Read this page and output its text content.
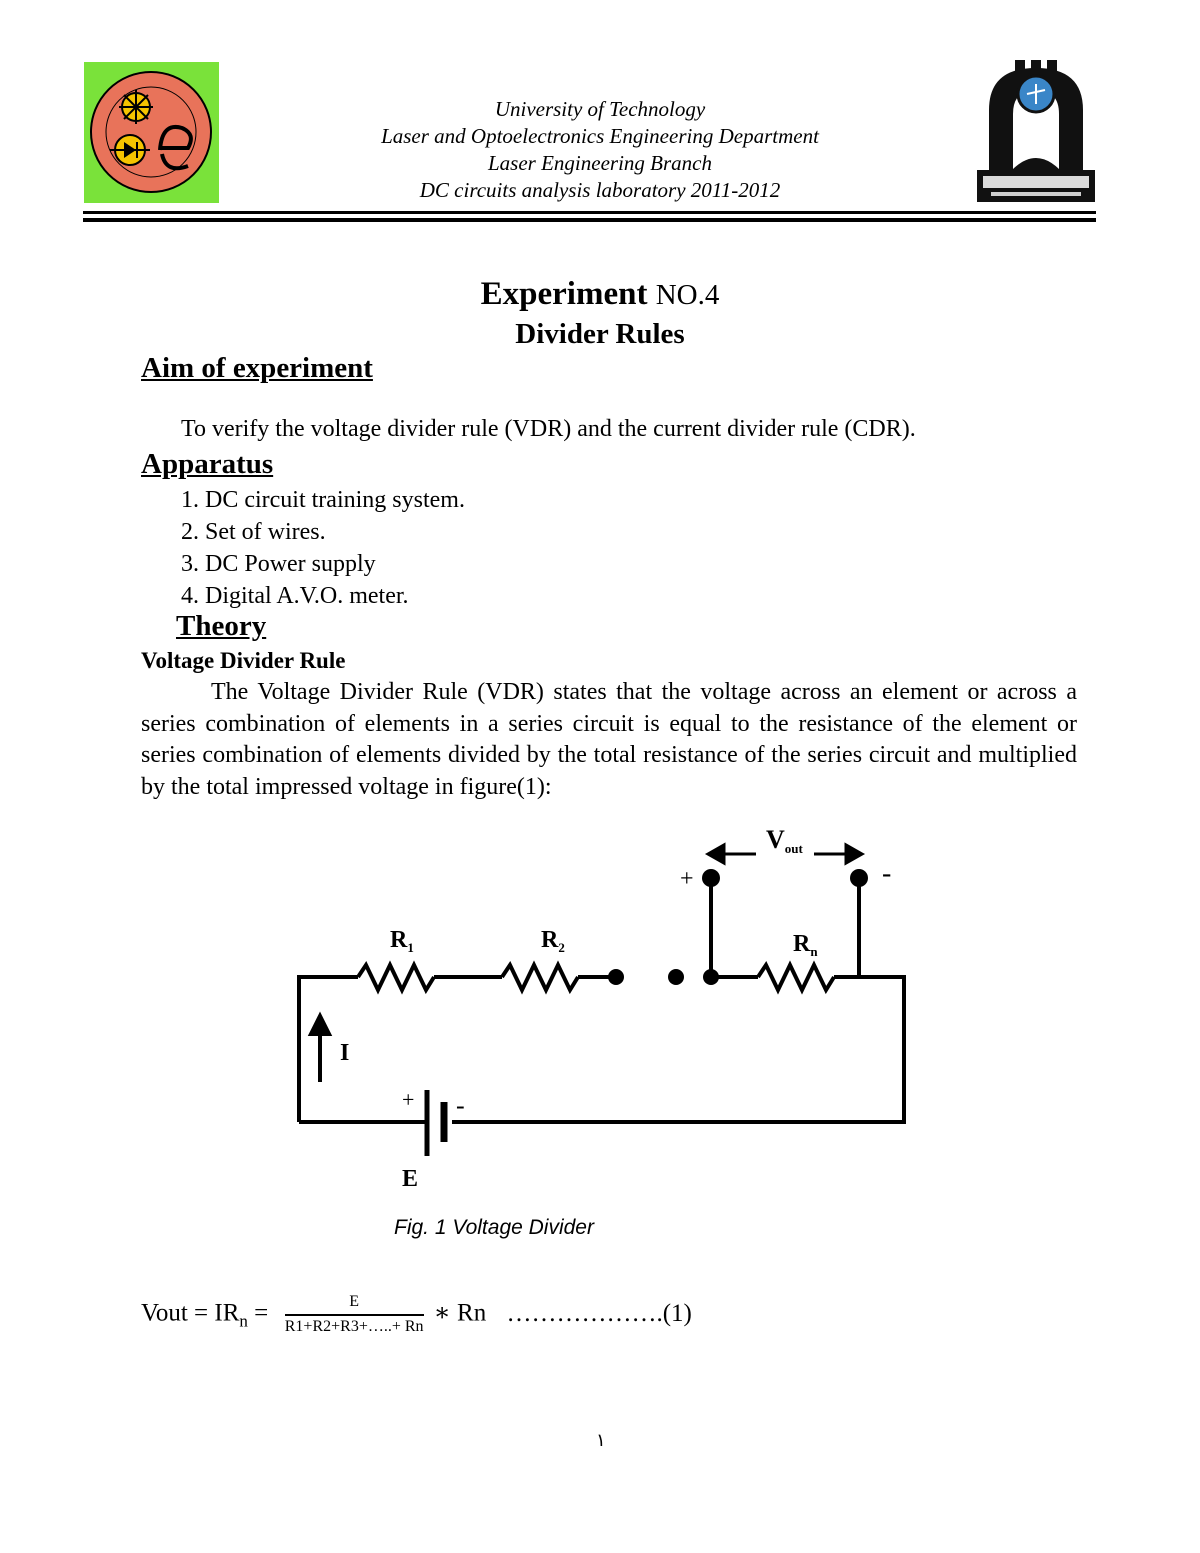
University of Technology
Laser and Optoelectronics Engineering Department
Laser Engineering Branch
DC circuits analysis laboratory 2011-2012
Experiment NO.4
Divider Rules
Aim of experiment
To verify the voltage divider rule (VDR) and the current divider rule (CDR).
Apparatus
1. DC circuit training system.
2. Set of wires.
3. DC Power supply
4. Digital A.V.O. meter.
Theory
Voltage Divider Rule
The Voltage Divider Rule (VDR) states that the voltage across an element or across a series combination of elements in a series circuit is equal to the resistance of the element or series combination of elements divided by the total resistance of the series circuit and multiplied by the total impressed voltage in figure(1):
$R_1$	$R_2$	$R_n$
Vout
+	-
I
+ -
E
Fig. 1 Voltage Divider
Vout = $IR_n = \frac{E}{R1+R2+R3+\dots..+ Rn}$ ∗ Rn ……………….(1)
١
